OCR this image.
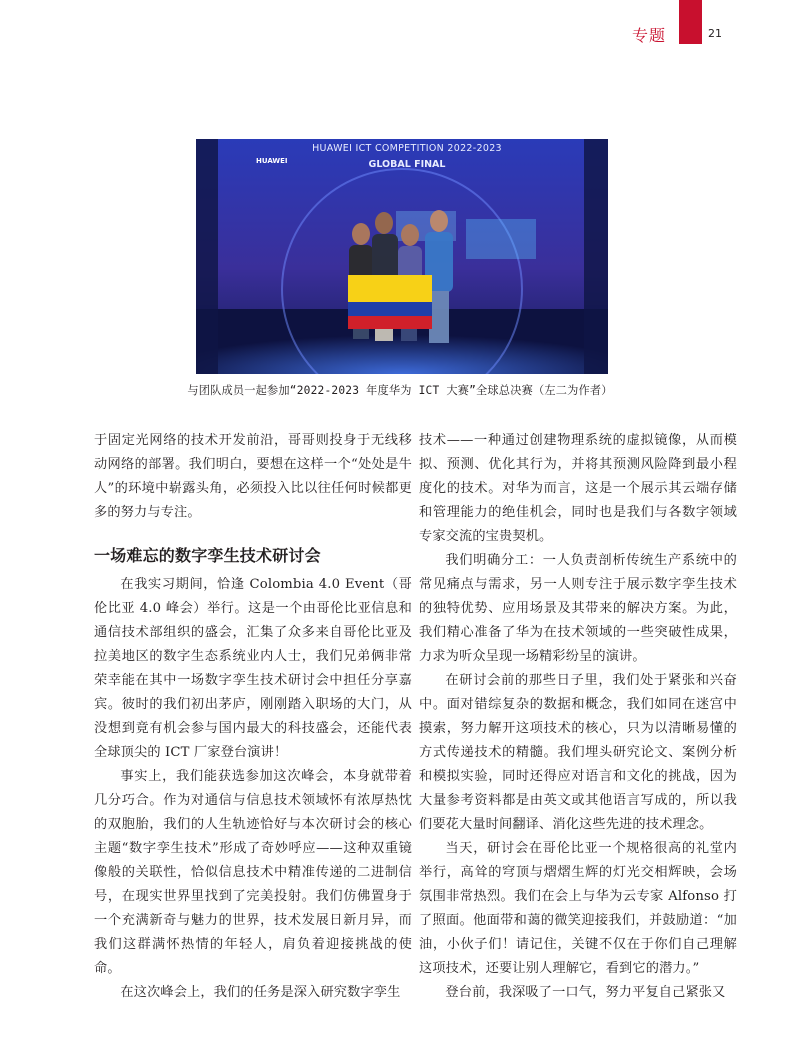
专题	21
HUAWEI ICT COMPETITION 2022-2023
GLOBAL FINAL
HUAWEI
与团队成员一起参加“2022-2023 年度华为 ICT 大赛”全球总决赛（左二为作者）

于固定光网络的技术开发前沿，哥哥则投身于无线移动网络的部署。我们明白，要想在这样一个“处处是牛人”的环境中崭露头角，必须投入比以往任何时候都更多的努力与专注。

一场难忘的数字孪生技术研讨会

在我实习期间，恰逢 Colombia 4.0 Event（哥伦比亚 4.0 峰会）举行。这是一个由哥伦比亚信息和通信技术部组织的盛会，汇集了众多来自哥伦比亚及拉美地区的数字生态系统业内人士，我们兄弟俩非常荣幸能在其中一场数字孪生技术研讨会中担任分享嘉宾。彼时的我们初出茅庐，刚刚踏入职场的大门，从没想到竟有机会参与国内最大的科技盛会，还能代表全球顶尖的 ICT 厂家登台演讲！

事实上，我们能获选参加这次峰会，本身就带着几分巧合。作为对通信与信息技术领域怀有浓厚热忱的双胞胎，我们的人生轨迹恰好与本次研讨会的核心主题“数字孪生技术”形成了奇妙呼应——这种双重镜像般的关联性，恰似信息技术中精准传递的二进制信号，在现实世界里找到了完美投射。我们仿佛置身于一个充满新奇与魅力的世界，技术发展日新月异，而我们这群满怀热情的年轻人，肩负着迎接挑战的使命。

在这次峰会上，我们的任务是深入研究数字孪生

技术——一种通过创建物理系统的虚拟镜像，从而模拟、预测、优化其行为，并将其预测风险降到最小程度化的技术。对华为而言，这是一个展示其云端存储和管理能力的绝佳机会，同时也是我们与各数字领域专家交流的宝贵契机。

我们明确分工：一人负责剖析传统生产系统中的常见痛点与需求，另一人则专注于展示数字孪生技术的独特优势、应用场景及其带来的解决方案。为此，我们精心准备了华为在技术领域的一些突破性成果，力求为听众呈现一场精彩纷呈的演讲。

在研讨会前的那些日子里，我们处于紧张和兴奋中。面对错综复杂的数据和概念，我们如同在迷宫中摸索，努力解开这项技术的核心，只为以清晰易懂的方式传递技术的精髓。我们埋头研究论文、案例分析和模拟实验，同时还得应对语言和文化的挑战，因为大量参考资料都是由英文或其他语言写成的，所以我们要花大量时间翻译、消化这些先进的技术理念。

当天，研讨会在哥伦比亚一个规格很高的礼堂内举行，高耸的穹顶与熠熠生辉的灯光交相辉映，会场氛围非常热烈。我们在会上与华为云专家 Alfonso 打了照面。他面带和蔼的微笑迎接我们，并鼓励道：“加油，小伙子们！请记住，关键不仅在于你们自己理解这项技术，还要让别人理解它，看到它的潜力。”

登台前，我深吸了一口气，努力平复自己紧张又
